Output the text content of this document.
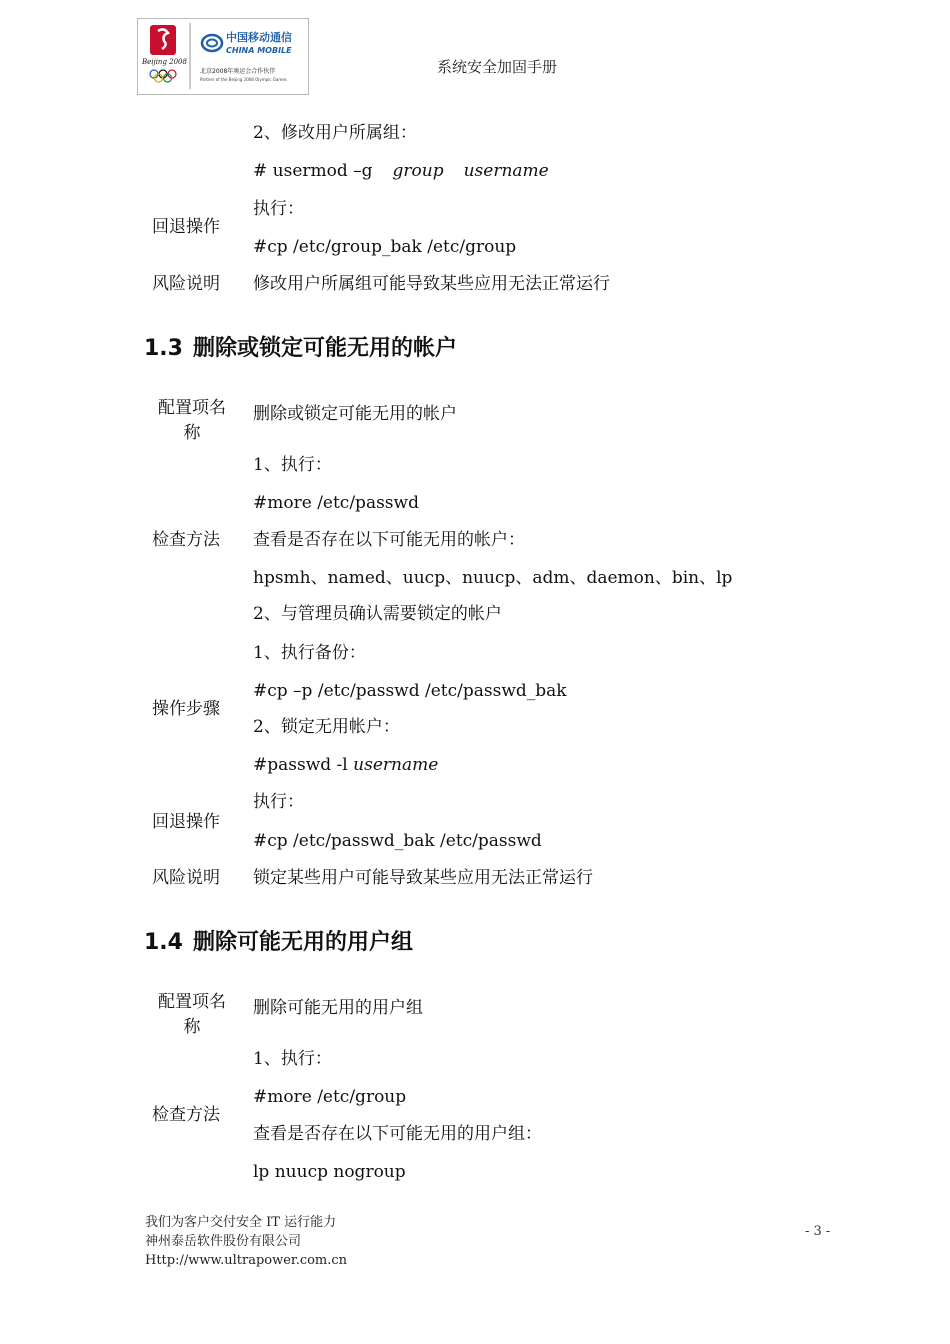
Beijing 2008
中国移动通信
CHINA MOBILE
北京2008年奥运会合作伙伴
Partner of the Beijing 2008 Olympic Games
系统安全加固手册
2、修改用户所属组：
# usermod –g group username
回退操作
执行：
#cp /etc/group_bak /etc/group
风险说明	修改用户所属组可能导致某些应用无法正常运行
1.3 删除或锁定可能无用的帐户
配置项名
称
删除或锁定可能无用的帐户
检查方法
1、执行：
#more /etc/passwd
查看是否存在以下可能无用的帐户：
hpsmh、named、uucp、nuucp、adm、daemon、bin、lp
2、与管理员确认需要锁定的帐户
操作步骤
1、执行备份：
#cp –p /etc/passwd /etc/passwd_bak
2、锁定无用帐户：
#passwd -l username
回退操作
执行：
#cp /etc/passwd_bak /etc/passwd
风险说明	锁定某些用户可能导致某些应用无法正常运行
1.4 删除可能无用的用户组
配置项名
称
删除可能无用的用户组
检查方法
1、执行：
#more /etc/group
查看是否存在以下可能无用的用户组：
lp nuucp nogroup
我们为客户交付安全 IT 运行能力
神州泰岳软件股份有限公司
Http://www.ultrapower.com.cn
- 3 -
